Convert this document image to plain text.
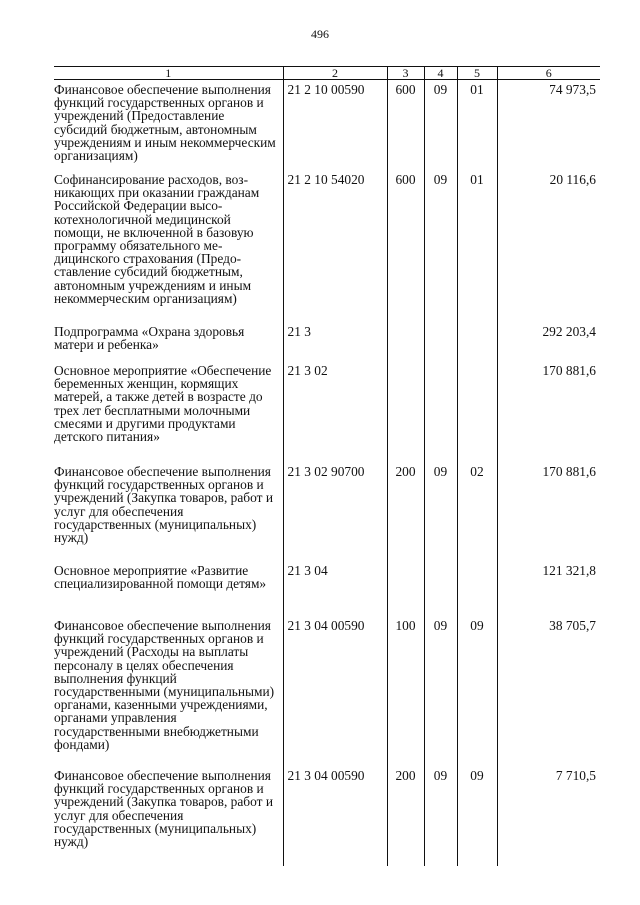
496
1	2	3	4	5	6
Финансовое обеспечение выполнения функций государственных органов и учреждений (Предоставление субсидий бюджетным, автономным учреждениям и иным некоммерческим организациям)	21 2 10 00590	600	09	01	74 973,5
Софинансирование расходов, возникающих при оказании гражданам Российской Федерации высокотехнологичной медицинской помощи, не включенной в базовую программу обязательного медицинского страхования (Предоставление субсидий бюджетным, автономным учреждениям и иным некоммерческим организациям)	21 2 10 54020	600	09	01	20 116,6
Подпрограмма «Охрана здоровья матери и ребенка»	21 3				292 203,4
Основное мероприятие «Обеспечение беременных женщин, кормящих матерей, а также детей в возрасте до трех лет бесплатными молочными смесями и другими продуктами детского питания»	21 3 02				170 881,6
Финансовое обеспечение выполнения функций государственных органов и учреждений (Закупка товаров, работ и услуг для обеспечения государственных (муниципальных) нужд)	21 3 02 90700	200	09	02	170 881,6
Основное мероприятие «Развитие специализированной помощи детям»	21 3 04				121 321,8
Финансовое обеспечение выполнения функций государственных органов и учреждений (Расходы на выплаты персоналу в целях обеспечения выполнения функций государственными (муниципальными) органами, казенными учреждениями, органами управления государственными внебюджетными фондами)	21 3 04 00590	100	09	09	38 705,7
Финансовое обеспечение выполнения функций государственных органов и учреждений (Закупка товаров, работ и услуг для обеспечения государственных (муниципальных) нужд)	21 3 04 00590	200	09	09	7 710,5
